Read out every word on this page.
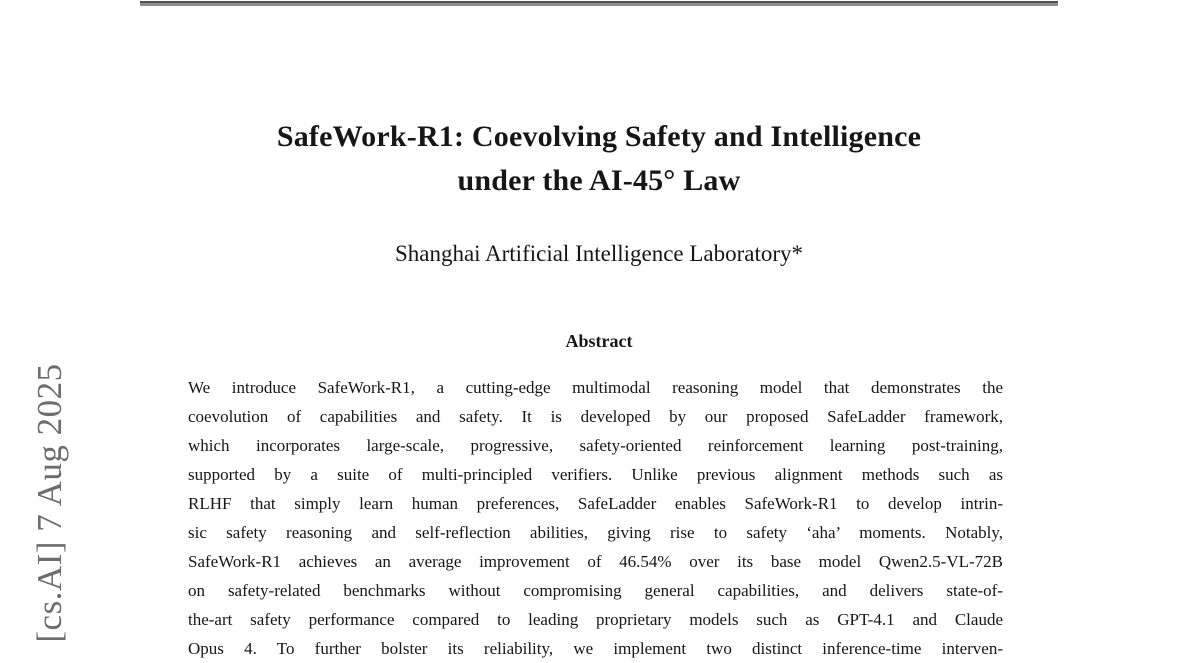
[cs.AI] 7 Aug 2025
SafeWork-R1: Coevolving Safety and Intelligence
under the AI-45° Law
Shanghai Artificial Intelligence Laboratory*
Abstract
We introduce SafeWork-R1, a cutting-edge multimodal reasoning model that demonstrates the
coevolution of capabilities and safety. It is developed by our proposed SafeLadder framework,
which incorporates large-scale, progressive, safety-oriented reinforcement learning post-training,
supported by a suite of multi-principled verifiers. Unlike previous alignment methods such as
RLHF that simply learn human preferences, SafeLadder enables SafeWork-R1 to develop intrin-
sic safety reasoning and self-reflection abilities, giving rise to safety ‘aha’ moments. Notably,
SafeWork-R1 achieves an average improvement of 46.54% over its base model Qwen2.5-VL-72B
on safety-related benchmarks without compromising general capabilities, and delivers state-of-
the-art safety performance compared to leading proprietary models such as GPT-4.1 and Claude
Opus 4. To further bolster its reliability, we implement two distinct inference-time interven-
